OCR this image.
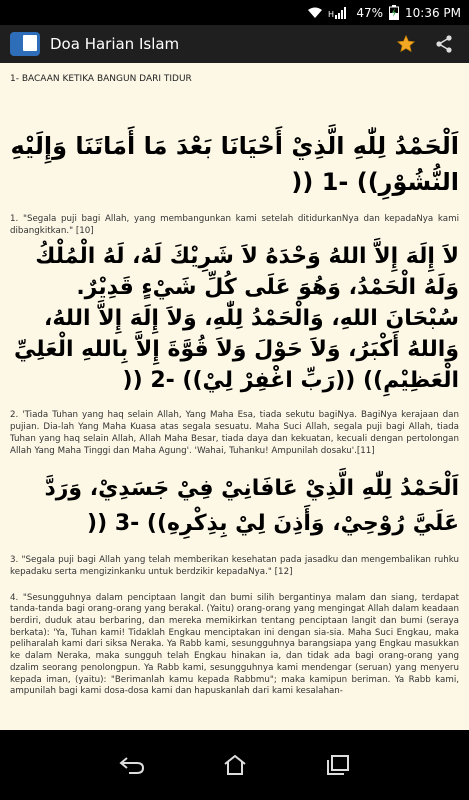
H 47% 10:36 PM
Doa Harian Islam
1- BACAAN KETIKA BANGUN DARI TIDUR
اَلْحَمْدُ لِلّٰهِ الَّذِيْ أَحْيَانَا بَعْدَ مَا أَمَاتَنَا وَإِلَيْهِ النُّشُوْرِ)) -1 ((
1. "Segala puji bagi Allah, yang membangunkan kami setelah ditidurkanNya dan kepadaNya kami dibangkitkan." [10]
لاَ إِلَهَ إِلاَّ اللهُ وَحْدَهُ لاَ شَرِيْكَ لَهُ، لَهُ الْمُلْكُ وَلَهُ الْحَمْدُ، وَهُوَ عَلَى كُلِّ شَيْءٍ قَدِيْرٌ. سُبْحَانَ اللهِ، وَالْحَمْدُ لِلّٰهِ، وَلاَ إِلَهَ إِلاَّ اللهُ، وَاللهُ أَكْبَرُ، وَلاَ حَوْلَ وَلاَ قُوَّةَ إِلاَّ بِاللهِ الْعَلِيِّ الْعَظِيْمِ)) ((رَبِّ اغْفِرْ لِيْ)) -2 ((
2. 'Tiada Tuhan yang haq selain Allah, Yang Maha Esa, tiada sekutu bagiNya. BagiNya kerajaan dan pujian. Dia-lah Yang Maha Kuasa atas segala sesuatu. Maha Suci Allah, segala puji bagi Allah, tiada Tuhan yang haq selain Allah, Allah Maha Besar, tiada daya dan kekuatan, kecuali dengan pertolongan Allah Yang Maha Tinggi dan Maha Agung'. 'Wahai, Tuhanku! Ampunilah dosaku'.[11]
اَلْحَمْدُ لِلّٰهِ الَّذِيْ عَافَانِيْ فِيْ جَسَدِيْ، وَرَدَّ عَلَيَّ رُوْحِيْ، وَأَذِنَ لِيْ بِذِكْرِهِ)) -3 ((
3. "Segala puji bagi Allah yang telah memberikan kesehatan pada jasadku dan mengembalikan ruhku kepadaku serta mengizinkanku untuk berdzikir kepadaNya." [12]
4. "Sesungguhnya dalam penciptaan langit dan bumi silih bergantinya malam dan siang, terdapat tanda-tanda bagi orang-orang yang berakal. (Yaitu) orang-orang yang mengingat Allah dalam keadaan berdiri, duduk atau berbaring, dan mereka memikirkan tentang penciptaan langit dan bumi (seraya berkata): 'Ya, Tuhan kami! Tidaklah Engkau menciptakan ini dengan sia-sia. Maha Suci Engkau, maka peliharalah kami dari siksa Neraka. Ya Rabb kami, sesungguhnya barangsiapa yang Engkau masukkan ke dalam Neraka, maka sungguh telah Engkau hinakan ia, dan tidak ada bagi orang-orang yang dzalim seorang penolongpun. Ya Rabb kami, sesungguhnya kami mendengar (seruan) yang menyeru kepada iman, (yaitu): "Berimanlah kamu kepada Rabbmu"; maka kamipun beriman. Ya Rabb kami, ampunilah bagi kami dosa-dosa kami dan hapuskanlah dari kami kesalahan-
